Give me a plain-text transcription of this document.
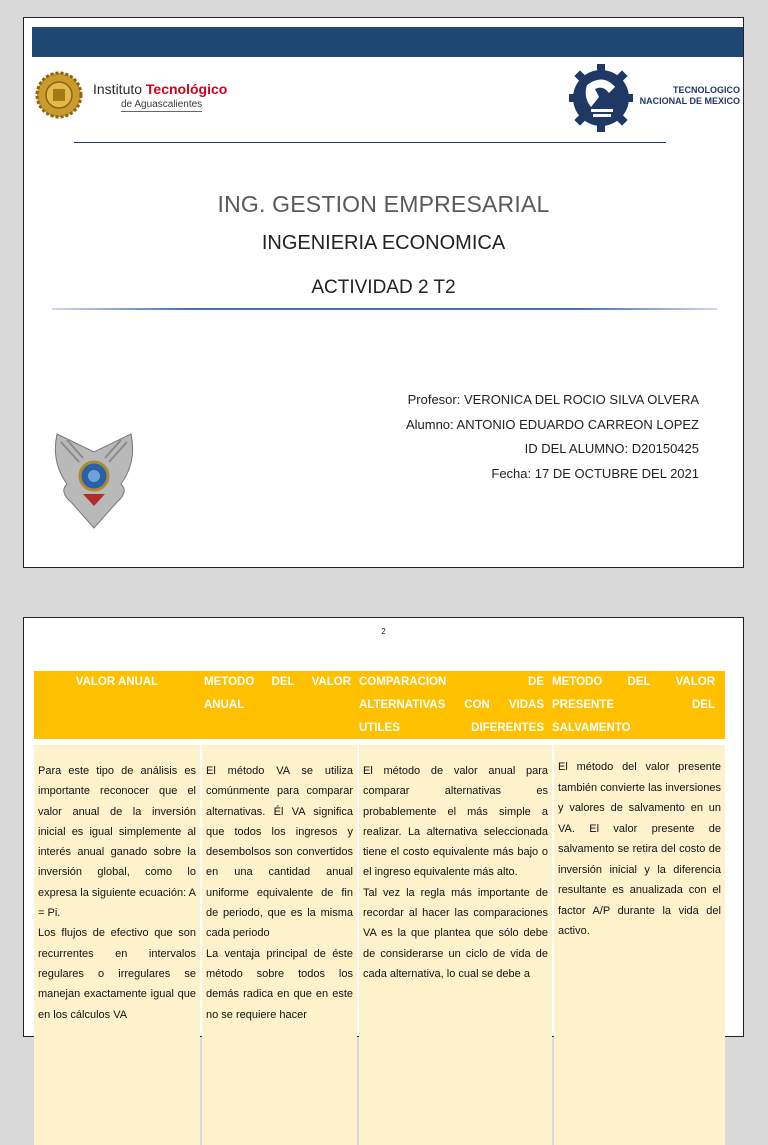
Instituto Tecnológico
de Aguascalientes
TECNOLOGICO
NACIONAL DE MEXICO
ING. GESTION EMPRESARIAL
INGENIERIA ECONOMICA
ACTIVIDAD 2 T2
Profesor: VERONICA DEL ROCIO SILVA OLVERA
Alumno: ANTONIO EDUARDO CARREON LOPEZ
ID DEL ALUMNO: D20150425
Fecha: 17 DE OCTUBRE DEL 2021
2
VALOR ANUAL	METODO DEL VALOR ANUAL
COMPARACION DE ALTERNATIVAS CON VIDAS UTILES DIFERENTES
METODO DEL VALOR PRESENTE DEL SALVAMENTO

Para este tipo de análisis es importante reconocer que el valor anual de la inversión inicial es igual simplemente al interés anual ganado sobre la inversión global, como lo expresa la siguiente ecuación: A = Pi.

Los flujos de efectivo que son recurrentes en intervalos regulares o irregulares se manejan exactamente igual que en los cálculos VA

El método VA se utiliza comúnmente para comparar alternativas. Él VA significa que todos los ingresos y desembolsos son convertidos en una cantidad anual uniforme equivalente de fin de periodo, que es la misma cada periodo

La ventaja principal de éste método sobre todos los demás radica en que en este no se requiere hacer

El método de valor anual para comparar alternativas es probablemente el más simple a realizar. La alternativa seleccionada tiene el costo equivalente más bajo o el ingreso equivalente más alto.

Tal vez la regla más importante de recordar al hacer las comparaciones VA es la que plantea que sólo debe de considerarse un ciclo de vida de cada alternativa, lo cual se debe a

El método del valor presente también convierte las inversiones y valores de salvamento en un VA. El valor presente de salvamento se retira del costo de inversión inicial y la diferencia resultante es anualizada con el factor A/P durante la vida del activo.
